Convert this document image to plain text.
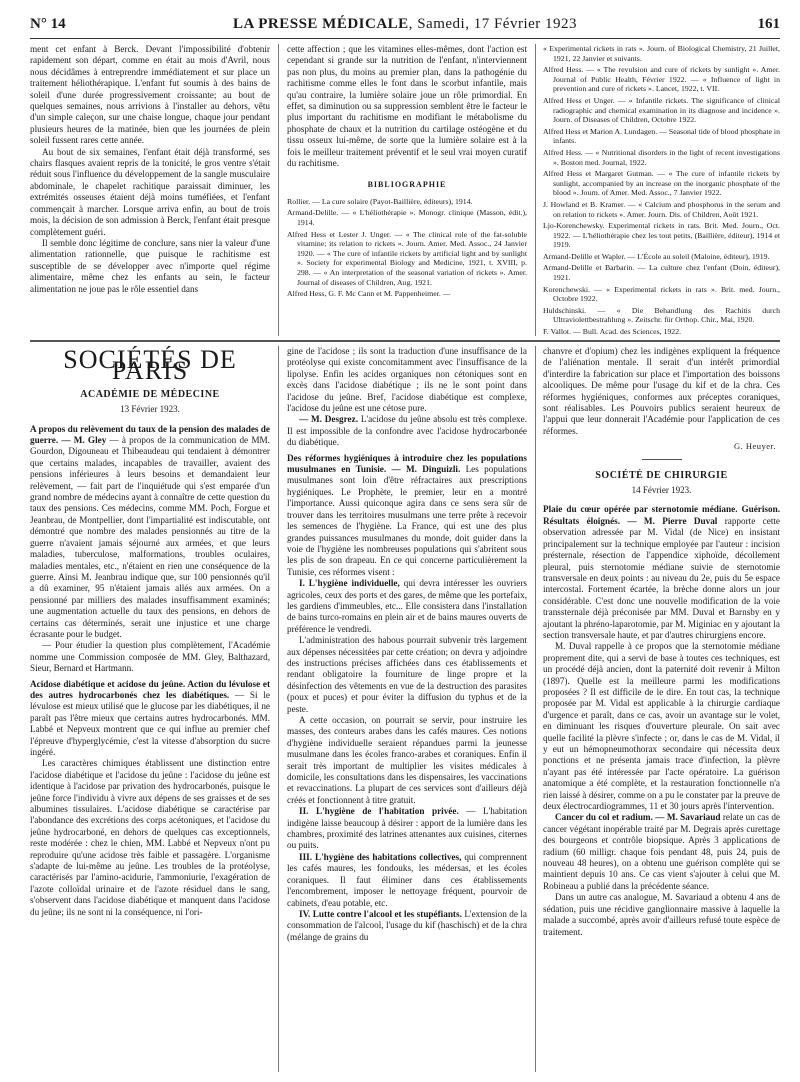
N° 14	LA PRESSE MÉDICALE, Samedi, 17 Février 1923	161

ment cet enfant à Berck. Devant l'impossibilité d'obtenir rapidement son départ, comme en était au mois d'Avril, nous nous décidâmes à entreprendre immédiatement et sur place un traitement héliothérapique. L'enfant fut soumis à des bains de soleil d'une durée progressivement croissante; au bout de quelques semaines, nous arrivions à l'installer au dehors, vêtu d'un simple caleçon, sur une chaise longue, chaque jour pendant plusieurs heures de la matinée, bien que les journées de plein soleil fussent rares cette année.

Au bout de six semaines, l'enfant était déjà transformé, ses chairs flasques avaient repris de la tonicité, le gros ventre s'était réduit sous l'influence du développement de la sangle musculaire abdominale, le chapelet rachitique paraissait diminuer, les extrémités osseuses étaient déjà moins tuméfiées, et l'enfant commençait à marcher. Lorsque arriva enfin, au bout de trois mois, la décision de son admission à Berck, l'enfant était presque complètement guéri.

Il semble donc légitime de conclure, sans nier la valeur d'une alimentation rationnelle, que puisque le rachitisme est susceptible de se développer avec n'importe quel régime alimentaire, même chez les enfants au sein, le facteur alimentation ne joue pas le rôle essentiel dans

cette affection ; que les vitamines elles-mêmes, dont l'action est cependant si grande sur la nutrition de l'enfant, n'interviennent pas non plus, du moins au premier plan, dans la pathogénie du rachitisme comme elles le font dans le scorbut infantile, mais qu'au contraire, la lumière solaire joue un rôle primordial. En effet, sa diminution ou sa suppression semblent être le facteur le plus important du rachitisme en modifiant le métabolisme du phosphate de chaux et la nutrition du cartilage ostéogène et du tissu osseux lui-même, de sorte que la lumière solaire est à la fois le meilleur traitement préventif et le seul vrai moyen curatif du rachitisme.

BIBLIOGRAPHIE

Rollier. — La cure solaire (Payot-Baillière, éditeurs), 1914.

Armand-Delille. — « L'héliothérapie ». Monogr. clinique (Masson, édit.), 1914.

Alfred Hess et Lester J. Unger. — « The clinical role of the fat-soluble vitamine; its relation to rickets ». Journ. Amer. Med. Assoc., 24 Janvier 1920. — « The cure of infantile rickets by artificial light and by sunlight ». Society for experimental Biology and Medicine, 1921, t. XVIII, p. 298. — « An interpretation of the seasonal variation of rickets ». Amer. Journal of diseases of Children, Aug. 1921.

Alfred Hess, G. F. Mc Cann et M. Pappenheimer. —

« Experimental rickets in rats ». Journ. of Biological Chemistry, 21 Juillet, 1921, 22 Janvier et suivants.

Alfred Hess. — « The revulsion and cure of rickets by sunlight ». Amer. Journal of Public Health, Février 1922. — « Influence of light in prevention and cure of rickets ». Lancet, 1922, t. VII.

Alfred Hess et Unger. — « Infantile rickets. The significance of clinical radiographic and chemical examination in its diagnose and incidence ». Journ. of Diseases of Children, Octobre 1922.

Alfred Hess et Marion A. Lundagen. — Seasonal tide of blood phosphate in infants.

Alfred Hess. — « Nutritional disorders in the light of recent investigations ». Boston med. Journal, 1922.

Alfred Hess et Margaret Gutman. — « The cure of infantile rickets by sunlight, accompanied by an increase on the inorganic phosphate of the blood ». Journ. of Amer. Med. Assoc., 7 Janvier 1922.

J. Howland et B. Kramer. — « Calcium and phosphorus in the serum and on relation to rickets ». Amer. Journ. Dis. of Children, Août 1921.

Ljo-Korenchewsky. Experimental rickets in rats. Brit. Med. Journ., Oct. 1922. — L'héliothérapie chez les tout petits, (Baillière, éditeur), 1914 et 1919.

Armand-Delille et Wapler. — L'École au soleil (Maloine, éditeur), 1919.

Armand-Delille et Barbarin. — La culture chez l'enfant (Doin, éditeur), 1921.

Korenchewski. — « Experimental rickets in rats ». Brit. med. Journ., Octobre 1922.

Huldschinski. — « Die Behandlung des Rachitis durch Ultraviolettbestrahlung ». Zeitschr. für Orthop. Chir., Mai, 1920.

F. Vallot. — Bull. Acad. des Sciences, 1922.

SOCIÉTÉS DE PARIS
ACADÉMIE DE MÉDECINE
13 Février 1923.

A propos du relèvement du taux de la pension des malades de guerre. — M. Gley — à propos de la communication de MM. Gourdon, Digouneau et Thibeaudeau qui tendaient à démontrer que certains malades, incapables de travailler, avaient des pensions inférieures à leurs besoins et demandaient leur relèvement, — fait part de l'inquiétude qui s'est emparée d'un grand nombre de médecins ayant à connaître de cette question du taux des pensions. Ces médecins, comme MM. Poch, Forgue et Jeanbrau, de Montpellier, dont l'impartialité est indiscutable, ont démontré que nombre des malades pensionnés au titre de la guerre n'avaient jamais séjourné aux armées, et que leurs maladies, tuberculose, malformations, troubles oculaires, maladies mentales, etc., n'étaient en rien une conséquence de la guerre. Ainsi M. Jeanbrau indique que, sur 100 pensionnés qu'il a dû examiner, 95 n'étaient jamais allés aux armées. On a pensionné par milliers des malades insuffisamment examinés; une augmentation actuelle du taux des pensions, en dehors de certains cas déterminés, serait une injustice et une charge écrasante pour le budget.

— Pour étudier la question plus complètement, l'Académie nomme une Commission composée de MM. Gley, Balthazard, Sieur, Bernard et Hartmann.

Acidose diabétique et acidose du jeûne. Action du lévulose et des autres hydrocarbonés chez les diabétiques. — Si le lévulose est mieux utilisé que le glucose par les diabétiques, il ne paraît pas l'être mieux que certains autres hydrocarbonés. MM. Labbé et Nepveux montrent que ce qui influe au premier chef l'épreuve d'hyperglycémie, c'est la vitesse d'absorption du sucre ingéré.

Les caractères chimiques établissent une distinction entre l'acidose diabétique et l'acidose du jeûne : l'acidose du jeûne est identique à l'acidose par privation des hydrocarbonés, puisque le jeûne force l'individu à vivre aux dépens de ses graisses et de ses albumines tissulaires. L'acidose diabétique se caractérise par l'abondance des excrétions des corps acétoniques, et l'acidose du jeûne hydrocarboné, en dehors de quelques cas exceptionnels, reste modérée : chez le chien, MM. Labbé et Nepveux n'ont pu reproduire qu'une acidose très faible et passagère. L'organisme s'adapte de lui-même au jeûne. Les troubles de la protéolyse, caractérisés par l'amino-acidurie, l'ammoniurie, l'exagération de l'azote colloïdal urinaire et de l'azote résiduel dans le sang, s'observent dans l'acidose diabétique et manquent dans l'acidose du jeûne; ils ne sont ni la conséquence, ni l'ori-

gine de l'acidose ; ils sont la traduction d'une insuffisance de la protéolyse qui existe concomitamment avec l'insuffisance de la lipolyse. Enfin les acides organiques non cétoniques sont en excès dans l'acidose diabétique ; ils ne le sont point dans l'acidose du jeûne. Bref, l'acidose diabétique est complexe, l'acidose du jeûne est une cétose pure.

— M. Desgrez. L'acidose du jeûne absolu est très complexe. Il est impossible de la confondre avec l'acidose hydrocarbonée du diabétique.

Des réformes hygiéniques à introduire chez les populations musulmanes en Tunisie. — M. Dinguizli. Les populations musulmanes sont loin d'être réfractaires aux prescriptions hygiéniques. Le Prophète, le premier, leur en a montré l'importance. Aussi quiconque agira dans ce sens sera sûr de trouver dans les territoires musulmans une terre prête à recevoir les semences de l'hygiène. La France, qui est une des plus grandes puissances musulmanes du monde, doit guider dans la voie de l'hygiène les nombreuses populations qui s'abritent sous les plis de son drapeau. En ce qui concerne particulièrement la Tunisie, ces réformes visent :

I. L'hygiène individuelle, qui devra intéresser les ouvriers agricoles, ceux des ports et des gares, de même que les portefaix, les gardiens d'immeubles, etc... Elle consistera dans l'installation de bains turco-romains en plein air et de bains maures ouverts de préférence le vendredi.

L'administration des habous pourrait subvenir très largement aux dépenses nécessitées par cette création; on devra y adjoindre des instructions précises affichées dans ces établissements et rendant obligatoire la fourniture de linge propre et la désinfection des vêtements en vue de la destruction des parasites (poux et puces) et pour éviter la diffusion du typhus et de la peste.

A cette occasion, on pourrait se servir, pour instruire les masses, des conteurs arabes dans les cafés maures. Ces notions d'hygiène individuelle seraient répandues parmi la jeunesse musulmane dans les écoles franco-arabes et coraniques. Enfin il serait très important de multiplier les visites médicales à domicile, les consultations dans les dispensaires, les vaccinations et revaccinations. La plupart de ces services sont d'ailleurs déjà créés et fonctionnent à titre gratuit.

II. L'hygiène de l'habitation privée. — L'habitation indigène laisse beaucoup à désirer : apport de la lumière dans les chambres, proximité des latrines attenantes aux cuisines, citernes ou puits.

III. L'hygiène des habitations collectives, qui comprennent les cafés maures, les fondouks, les médersas, et les écoles coraniques. Il faut éliminer dans ces établissements l'encombrement, imposer le nettoyage fréquent, pourvoir de cabinets, d'eau potable, etc.

IV. Lutte contre l'alcool et les stupéfiants. L'extension de la consommation de l'alcool, l'usage du kif (haschisch) et de la chra (mélange de grains du

chanvre et d'opium) chez les indigènes expliquent la fréquence de l'aliénation mentale. Il serait d'un intérêt primordial d'interdire la fabrication sur place et l'importation des boissons alcooliques. De même pour l'usage du kif et de la chra. Ces réformes hygiéniques, conformes aux préceptes coraniques, sont réalisables. Les Pouvoirs publics seraient heureux de l'appui que leur donnerait l'Académie pour l'application de ces réformes.

G. Heuyer.
SOCIÉTÉ DE CHIRURGIE
14 Février 1923.

Plaie du cœur opérée par sternotomie médiane. Guérison. Résultats éloignés. — M. Pierre Duval rapporte cette observation adressée par M. Vidal (de Nice) en insistant principalement sur la technique employée par l'auteur : incision présternale, résection de l'appendice xiphoïde, décollement pleural, puis sternotomie médiane suivie de sternotomie transversale en deux points : au niveau du 2e, puis du 5e espace intercostal. Fortement écartée, la brèche donne alors un jour considérable. C'est donc une nouvelle modification de la voie transsternale déjà préconisée par MM. Duval et Barnsby en y ajoutant la phréno-laparotomie, par M. Miginiac en y ajoutant la section transversale haute, et par d'autres chirurgiens encore.

M. Duval rappelle à ce propos que la sternotomie médiane proprement dite, qui a servi de base à toutes ces techniques, est un procédé déjà ancien, dont la paternité doit revenir à Milton (1897). Quelle est la meilleure parmi les modifications proposées ? Il est difficile de le dire. En tout cas, la technique proposée par M. Vidal est applicable à la chirurgie cardiaque d'urgence et paraît, dans ce cas, avoir un avantage sur le volet, en diminuant les risques d'ouverture pleurale. On sait avec quelle facilité la plèvre s'infecte ; or, dans le cas de M. Vidal, il y eut un hémopneumothorax secondaire qui nécessita deux ponctions et ne présenta jamais trace d'infection, la plèvre n'ayant pas été intéressée par l'acte opératoire. La guérison anatomique a été complète, et la restauration fonctionnelle n'a rien laissé à désirer, comme on a pu le constater par la preuve de deux électrocardiogrammes, 11 et 30 jours après l'intervention.

Cancer du col et radium. — M. Savariaud relate un cas de cancer végétant inopérable traité par M. Degrais après curettage des bourgeons et contrôle biopsique. Après 3 applications de radium (60 milligr. chaque fois pendant 48, puis 24, puis de nouveau 48 heures), on a obtenu une guérison complète qui se maintient depuis 10 ans. Ce cas vient s'ajouter à celui que M. Robineau a publié dans la précédente séance.

Dans un autre cas analogue, M. Savariaud a obtenu 4 ans de sédation, puis une récidive ganglionnaire massive à laquelle la malade a succombé, après avoir d'ailleurs refusé toute espèce de traitement.
